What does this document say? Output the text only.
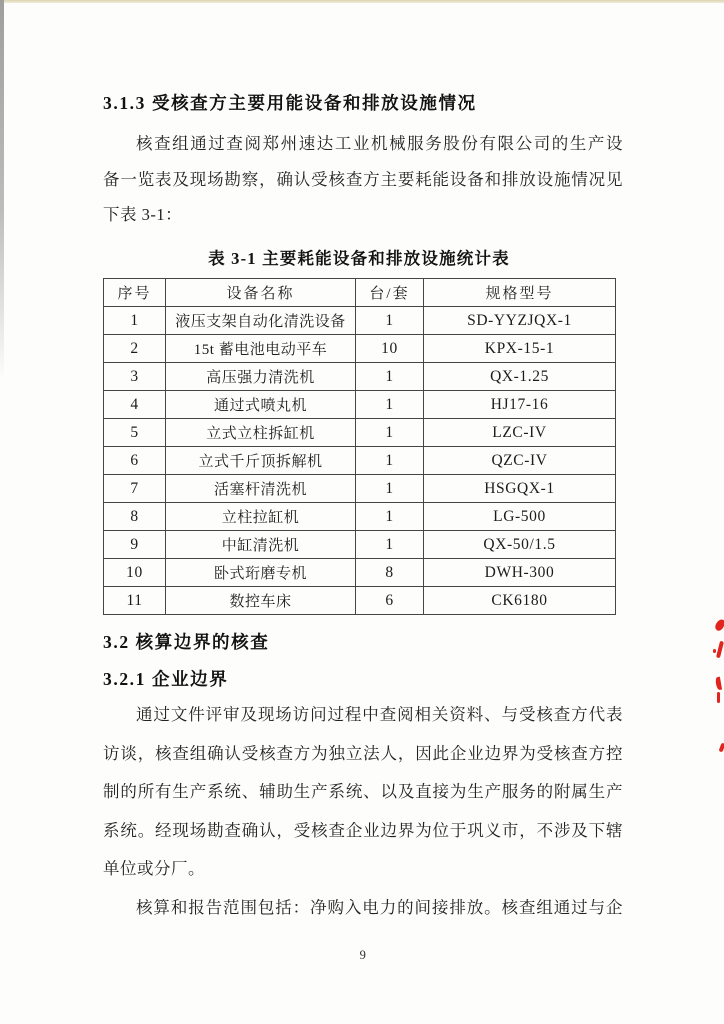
3.1.3 受核查方主要用能设备和排放设施情况
核查组通过查阅郑州速达工业机械服务股份有限公司的生产设
备一览表及现场勘察，确认受核查方主要耗能设备和排放设施情况见
下表 3-1：
表 3-1 主要耗能设备和排放设施统计表
序号	设备名称	台/套	规格型号
1	液压支架自动化清洗设备	1	SD-YYZJQX-1
2	15t 蓄电池电动平车	10	KPX-15-1
3	高压强力清洗机	1	QX-1.25
4	通过式喷丸机	1	HJ17-16
5	立式立柱拆缸机	1	LZC-IV
6	立式千斤顶拆解机	1	QZC-IV
7	活塞杆清洗机	1	HSGQX-1
8	立柱拉缸机	1	LG-500
9	中缸清洗机	1	QX-50/1.5
10	卧式珩磨专机	8	DWH-300
11	数控车床	6	CK6180
3.2 核算边界的核查
3.2.1 企业边界
通过文件评审及现场访问过程中查阅相关资料、与受核查方代表
访谈，核查组确认受核查方为独立法人，因此企业边界为受核查方控
制的所有生产系统、辅助生产系统、以及直接为生产服务的附属生产
系统。经现场勘查确认，受核查企业边界为位于巩义市，不涉及下辖
单位或分厂。
核算和报告范围包括：净购入电力的间接排放。核查组通过与企
9
